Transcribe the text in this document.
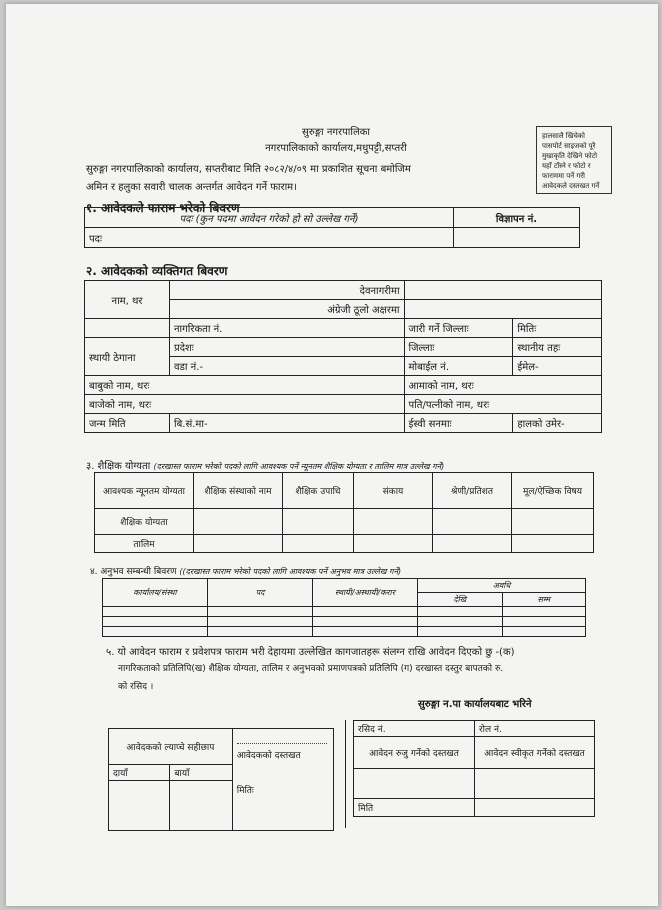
सुरुङ्गा नगरपालिका
नगरपालिकाको कार्यालय,मधुपट्टी,सप्तरी
सुरुङ्गा नगरपालिकाको कार्यालय, सप्तरीबाट मिति २०८२/४/०९ मा प्रकाशित सूचना बमोजिम
अमिन र हलुका सवारी चालक अन्तर्गत आवेदन गर्ने फाराम।
हालसालै खिचेको पासपोर्ट साइजको पूरै मुखाकृति देखिने फोटो यहाँ टाँस्ने र फोटो र फाराममा पर्ने गरी आवेदकले दस्तखत गर्ने
१. आवेदकले फाराम भरेको बिवरण
पदः (कुन पदमा आवेदन गरेको हो सो उल्लेख गर्ने)	विज्ञापन नं.
पदः	
२. आवेदकको व्यक्तिगत बिवरण
नाम, थर	देवनागरीमा		
	अंग्रेजी ठूलो अक्षरमा		
	नागरिकता नं.	जारी गर्ने जिल्लाः	मितिः
स्थायी ठेगाना	प्रदेशः	जिल्लाः	स्थानीय तहः
	वडा नं.-	मोबाईल नं.	ईमेल-
बाबुको नाम, थरः		आमाको नाम, थरः	
बाजेको नाम, थरः		पति/पत्नीको नाम, थरः	
जन्म मिति	बि.सं.मा-	ईस्वी सनमाः	हालको उमेर-
३. शैक्षिक योग्यता (दरखास्त फाराम भरेको पदको लागि आवश्यक पर्ने न्यूनतम शैक्षिक योग्यता र तालिम मात्र उल्लेख गर्ने)
आवश्यक न्यूनतम योग्यता	शैक्षिक संस्थाको नाम	शैक्षिक उपाधि	संकाय	श्रेणी/प्रतिशत	मूल/ऐच्छिक विषय
शैक्षिक योग्यता					
तालिम					
४. अनुभव सम्बन्धी बिवरण ((दरखास्त फाराम भरेको पदको लागि आवश्यक पर्ने अनुभव मात्र उल्लेख गर्ने)
कार्यालय/संस्था	पद	स्थायी/अस्थायी/करार	अवधि	
			देखि	सम्म

५. यो आवेदन फाराम र प्रवेशपत्र फाराम भरी देहायमा उल्लेखित कागजातहरू संलग्न राखि आवेदन दिएको छु -(क)
नागरिकताको प्रतिलिपि(ख) शैक्षिक योग्यता, तालिम र अनुभवको प्रमाणपत्रको प्रतिलिपि (ग) दरखास्त दस्तुर बापतको रु.
को रसिद ।
सुरुङ्गा न.पा कार्यालयबाट भरिने
रसिद नं.	रोल नं.
आवेदन रुजु गर्नेको दस्तखत	आवेदन स्वीकृत गर्नेको दस्तखत

मिति	
आवेदकको ल्याप्चे सहीछाप		आवेदकको दस्तखत
मितिः

दायाँ	बायाँ	
